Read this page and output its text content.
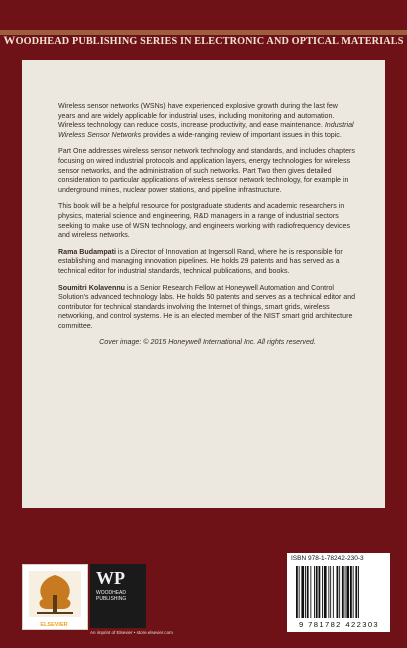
WOODHEAD PUBLISHING SERIES IN ELECTRONIC AND OPTICAL MATERIALS

Wireless sensor networks (WSNs) have experienced explosive growth during the last few years and are widely applicable for industrial uses, including monitoring and automation. Wireless technology can reduce costs, increase productivity, and ease maintenance. Industrial Wireless Sensor Networks provides a wide-ranging review of important issues in this topic.

Part One addresses wireless sensor network technology and standards, and includes chapters focusing on wired industrial protocols and application layers, energy technologies for wireless sensor networks, and the administration of such networks. Part Two then gives detailed consideration to particular applications of wireless sensor network technology, for example in underground mines, nuclear power stations, and pipeline infrastructure.

This book will be a helpful resource for postgraduate students and academic researchers in physics, material science and engineering, R&D managers in a range of industrial sectors seeking to make use of WSN technology, and engineers working with radiofrequency devices and wireless networks.

Rama Budampati is a Director of Innovation at Ingersoll Rand, where he is responsible for establishing and managing innovation pipelines. He holds 29 patents and has served as a technical editor for industrial standards, technical publications, and books.

Soumitri Kolavennu is a Senior Research Fellow at Honeywell Automation and Control Solution's advanced technology labs. He holds 50 patents and serves as a technical editor and contributor for technical standards involving the Internet of things, smart grids, wireless networking, and control systems. He is an elected member of the NIST smart grid architecture committee.

Cover image: © 2015 Honeywell International Inc. All rights reserved.

ELSEVIER
WP
WOODHEAD
PUBLISHING
An imprint of Elsevier • store.elsevier.com
ISBN 978-1-78242-230-3
9 781782 422303
